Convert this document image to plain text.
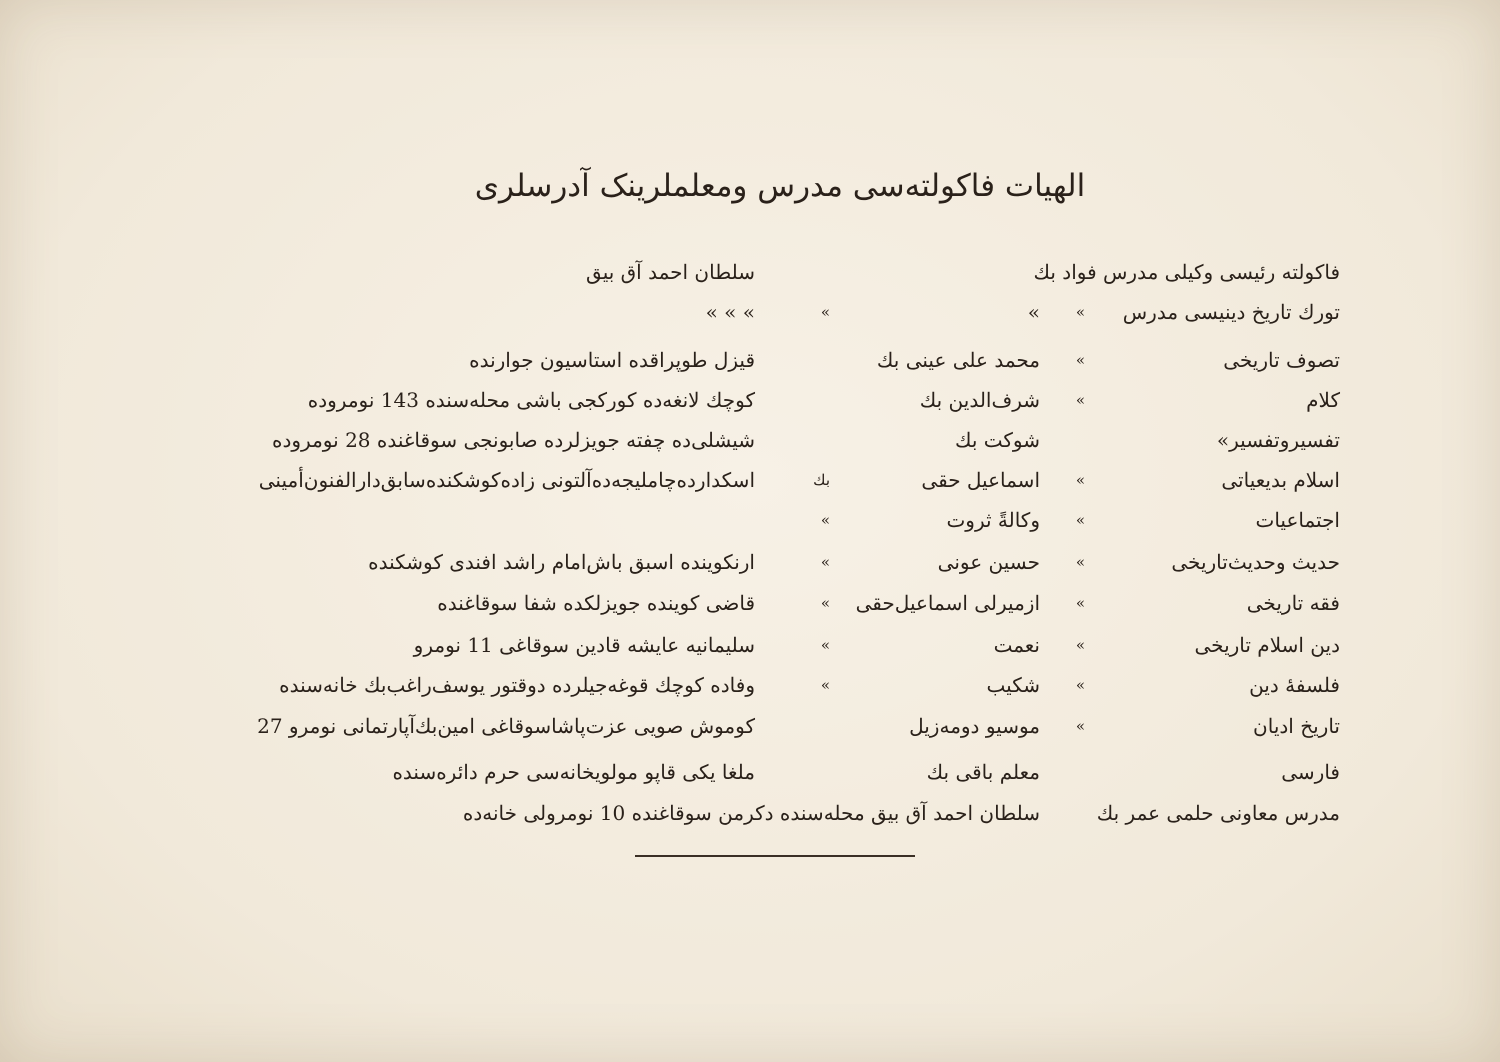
الهیات فاکولته‌سی مدرس ومعلملرینک آدرسلری
فاکولته رئیسی وکیلی مدرس فواد بك
سلطان احمد آق بیق
تورك تاریخ دینیسی مدرس
»
»
»
» » »
تصوف تاریخی
»
محمد علی عینی بك
قیزل طوپراقده استاسیون جوارنده
کلام
»
شرف‌الدین بك
کوچك لانغه‌ده کورکجی باشی محله‌سنده 143 نومروده
تفسیروتفسیر»
شوکت بك
شیشلی‌ده چفته جویزلرده صابونجی سوقاغنده 28 نومروده
اسلام بدیعیاتی
»
اسماعیل حقی
بك
اسکدارده‌چاملیجه‌ده‌آلتونی زاده‌کوشکنده‌سابق‌دارالفنون‌أمینی
اجتماعیات
»
وکالةً ثروت
»
حدیث وحدیث‌تاریخی
»
حسین عونی
»
ارنکوینده اسبق باش‌امام راشد افندی کوشکنده
فقه تاریخی
»
ازمیرلی اسماعیل‌حقی
»
قاضی کوینده جویزلکده شفا سوقاغنده
دین اسلام تاریخی
»
نعمت
»
سلیمانیه عایشه قادین سوقاغی 11 نومرو
فلسفهٔ دین
»
شکیب
»
وفاده کوچك قوغه‌جیلرده دوقتور یوسف‌راغب‌بك خانه‌سنده
تاریخ ادیان
»
موسیو دومه‌زیل
کوموش صویی عزت‌پاشاسوقاغی امین‌بك‌آپارتمانی نومرو 27
فارسی
معلم باقی بك
ملغا یکی قاپو مولویخانه‌سی حرم دائره‌سنده
مدرس معاونی حلمی عمر بك
سلطان احمد آق بیق محله‌سنده دکرمن سوقاغنده 10 نومرولی خانه‌ده
